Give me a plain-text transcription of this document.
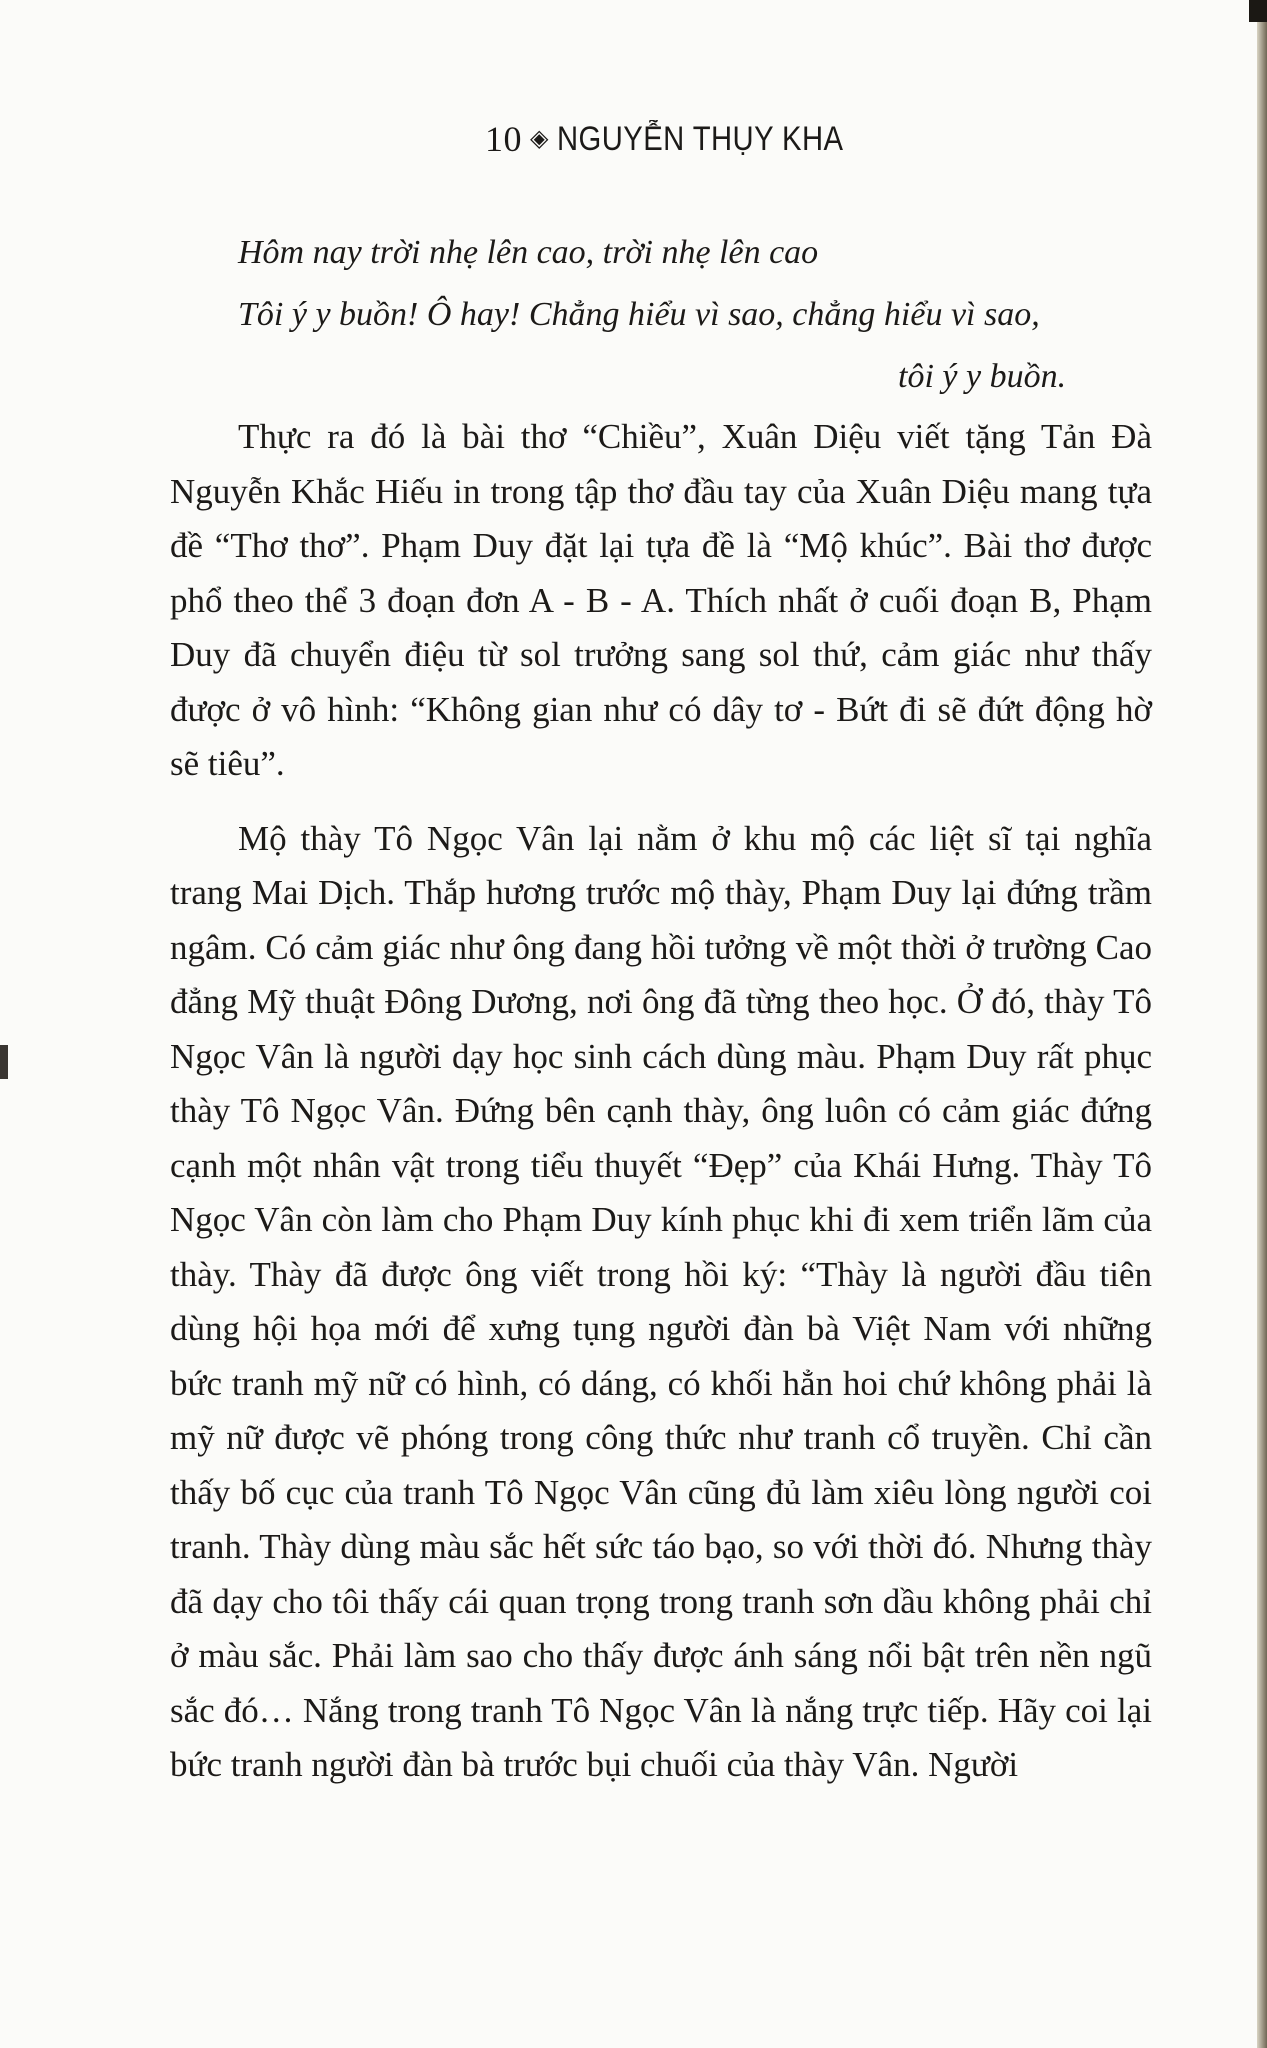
10 ◈ NGUYỄN THỤY KHA
Hôm nay trời nhẹ lên cao, trời nhẹ lên cao
Tôi ý y buồn! Ô hay! Chẳng hiểu vì sao, chẳng hiểu vì sao,
tôi ý y buồn.

Thực ra đó là bài thơ “Chiều”, Xuân Diệu viết tặng Tản Đà Nguyễn Khắc Hiếu in trong tập thơ đầu tay của Xuân Diệu mang tựa đề “Thơ thơ”. Phạm Duy đặt lại tựa đề là “Mộ khúc”. Bài thơ được phổ theo thể 3 đoạn đơn A - B - A. Thích nhất ở cuối đoạn B, Phạm Duy đã chuyển điệu từ sol trưởng sang sol thứ, cảm giác như thấy được ở vô hình: “Không gian như có dây tơ - Bứt đi sẽ đứt động hờ sẽ tiêu”.

Mộ thày Tô Ngọc Vân lại nằm ở khu mộ các liệt sĩ tại nghĩa trang Mai Dịch. Thắp hương trước mộ thày, Phạm Duy lại đứng trầm ngâm. Có cảm giác như ông đang hồi tưởng về một thời ở trường Cao đẳng Mỹ thuật Đông Dương, nơi ông đã từng theo học. Ở đó, thày Tô Ngọc Vân là người dạy học sinh cách dùng màu. Phạm Duy rất phục thày Tô Ngọc Vân. Đứng bên cạnh thày, ông luôn có cảm giác đứng cạnh một nhân vật trong tiểu thuyết “Đẹp” của Khái Hưng. Thày Tô Ngọc Vân còn làm cho Phạm Duy kính phục khi đi xem triển lãm của thày. Thày đã được ông viết trong hồi ký: “Thày là người đầu tiên dùng hội họa mới để xưng tụng người đàn bà Việt Nam với những bức tranh mỹ nữ có hình, có dáng, có khối hẳn hoi chứ không phải là mỹ nữ được vẽ phóng trong công thức như tranh cổ truyền. Chỉ cần thấy bố cục của tranh Tô Ngọc Vân cũng đủ làm xiêu lòng người coi tranh. Thày dùng màu sắc hết sức táo bạo, so với thời đó. Nhưng thày đã dạy cho tôi thấy cái quan trọng trong tranh sơn dầu không phải chỉ ở màu sắc. Phải làm sao cho thấy được ánh sáng nổi bật trên nền ngũ sắc đó… Nắng trong tranh Tô Ngọc Vân là nắng trực tiếp. Hãy coi lại bức tranh người đàn bà trước bụi chuối của thày Vân. Người
